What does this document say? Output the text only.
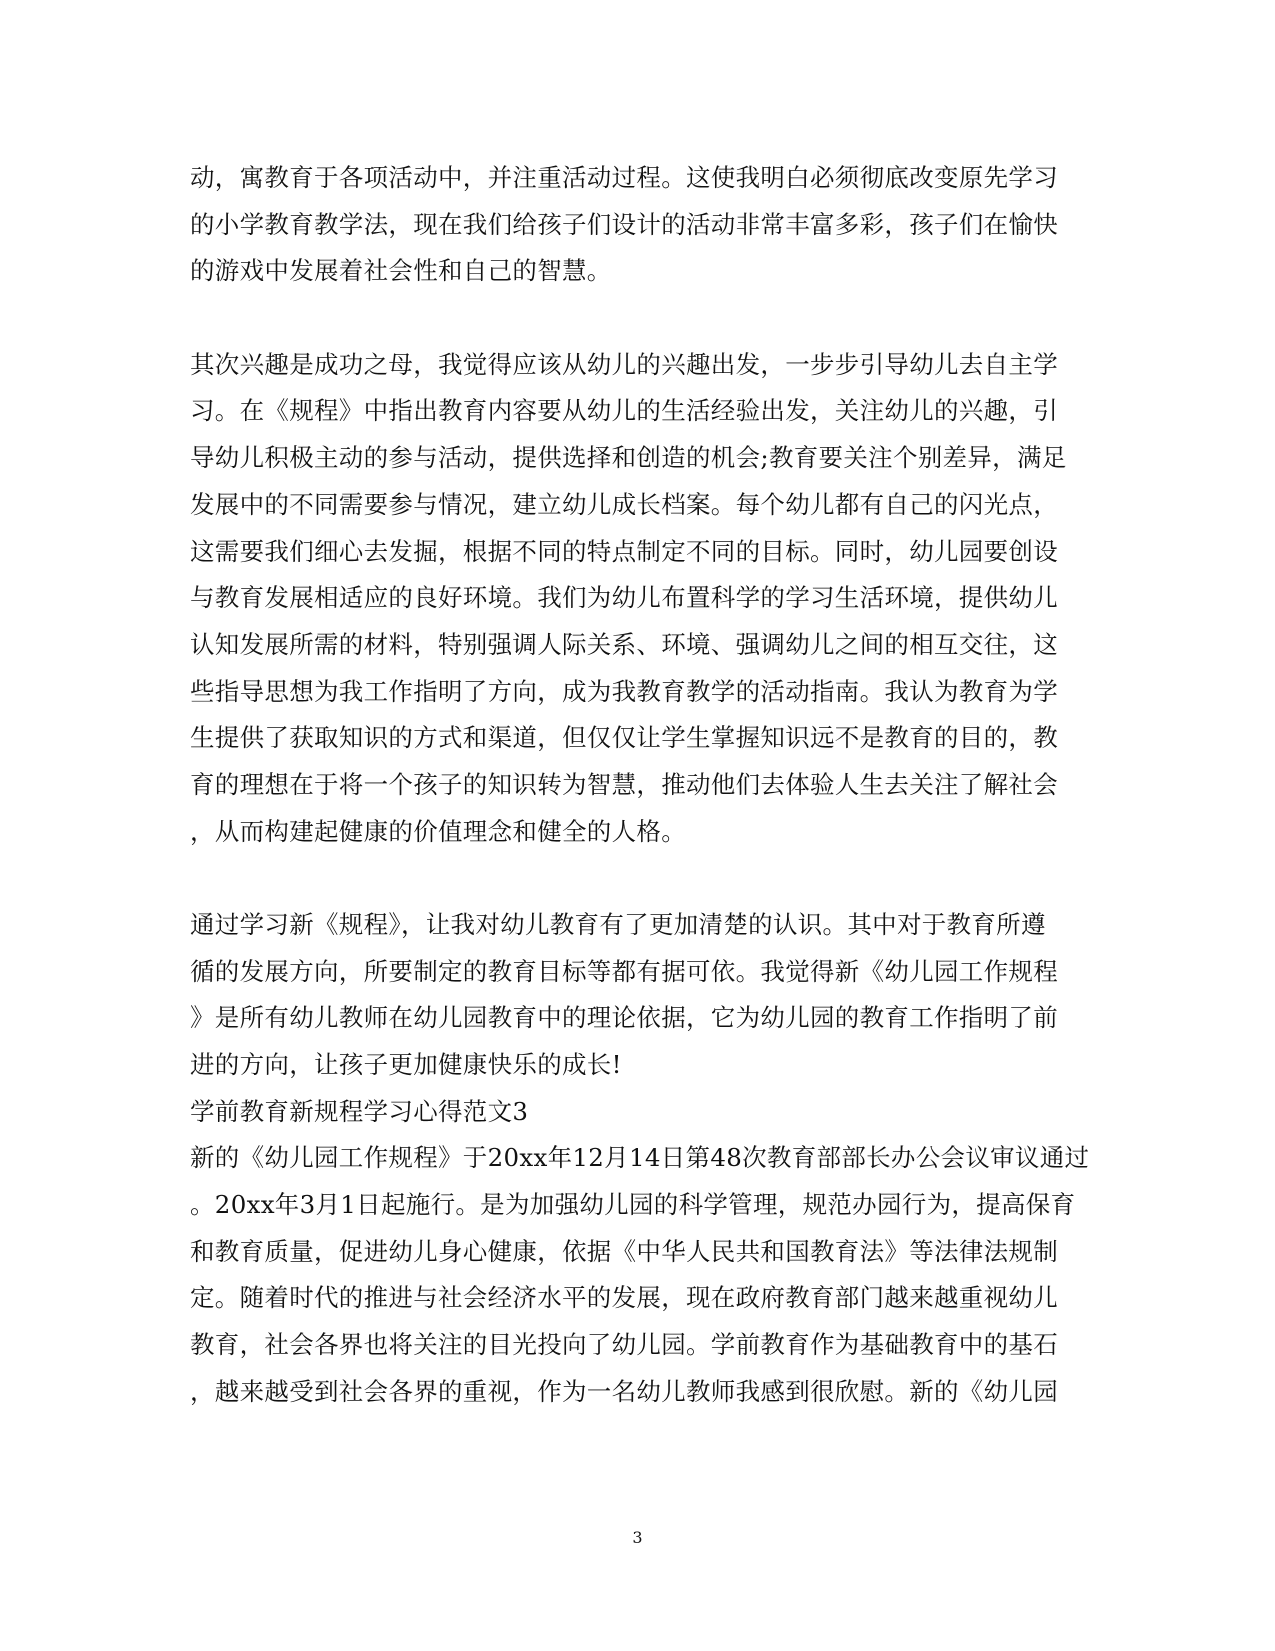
动，寓教育于各项活动中，并注重活动过程。这使我明白必须彻底改变原先学习
的小学教育教学法，现在我们给孩子们设计的活动非常丰富多彩，孩子们在愉快
的游戏中发展着社会性和自己的智慧。
其次兴趣是成功之母，我觉得应该从幼儿的兴趣出发，一步步引导幼儿去自主学
习。在《规程》中指出教育内容要从幼儿的生活经验出发，关注幼儿的兴趣，引
导幼儿积极主动的参与活动，提供选择和创造的机会;教育要关注个别差异，满足
发展中的不同需要参与情况，建立幼儿成长档案。每个幼儿都有自己的闪光点，
这需要我们细心去发掘，根据不同的特点制定不同的目标。同时，幼儿园要创设
与教育发展相适应的良好环境。我们为幼儿布置科学的学习生活环境，提供幼儿
认知发展所需的材料，特别强调人际关系、环境、强调幼儿之间的相互交往，这
些指导思想为我工作指明了方向，成为我教育教学的活动指南。我认为教育为学
生提供了获取知识的方式和渠道，但仅仅让学生掌握知识远不是教育的目的，教
育的理想在于将一个孩子的知识转为智慧，推动他们去体验人生去关注了解社会
，从而构建起健康的价值理念和健全的人格。
通过学习新《规程》，让我对幼儿教育有了更加清楚的认识。其中对于教育所遵
循的发展方向，所要制定的教育目标等都有据可依。我觉得新《幼儿园工作规程
》是所有幼儿教师在幼儿园教育中的理论依据，它为幼儿园的教育工作指明了前
进的方向，让孩子更加健康快乐的成长!
学前教育新规程学习心得范文3
新的《幼儿园工作规程》于20xx年12月14日第48次教育部部长办公会议审议通过
。20xx年3月1日起施行。是为加强幼儿园的科学管理，规范办园行为，提高保育
和教育质量，促进幼儿身心健康，依据《中华人民共和国教育法》等法律法规制
定。随着时代的推进与社会经济水平的发展，现在政府教育部门越来越重视幼儿
教育，社会各界也将关注的目光投向了幼儿园。学前教育作为基础教育中的基石
，越来越受到社会各界的重视，作为一名幼儿教师我感到很欣慰。新的《幼儿园
3
